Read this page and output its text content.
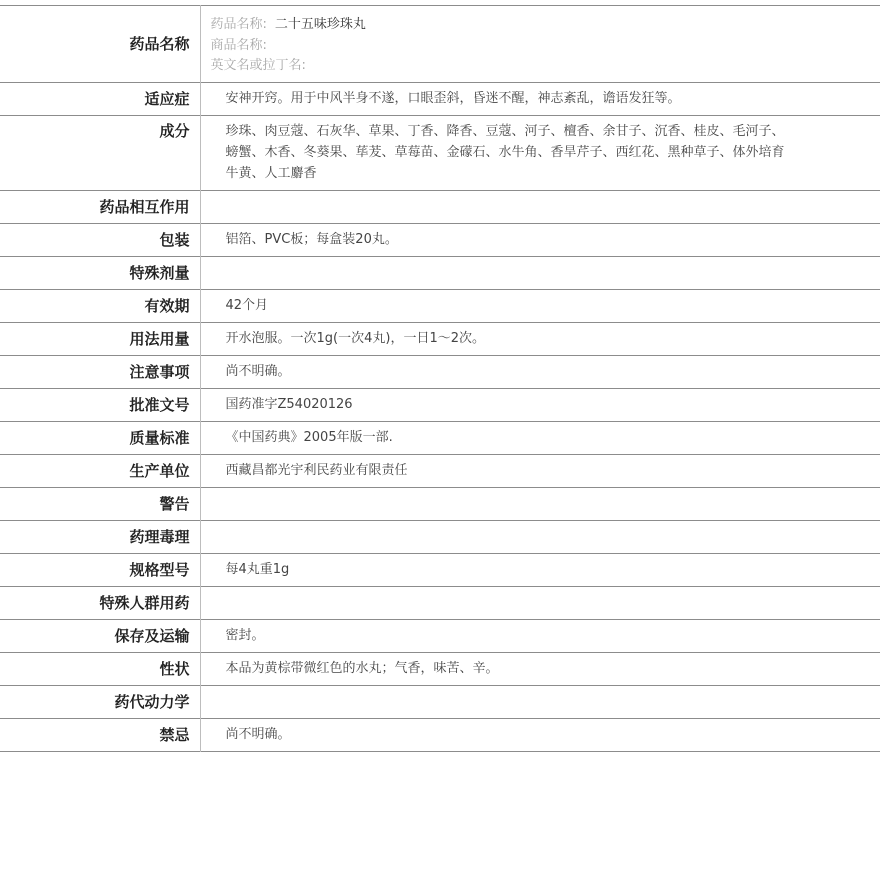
药品名称	药品名称: 二十五味珍珠丸
商品名称:
英文名或拉丁名:

适应症	安神开窍。用于中风半身不遂，口眼歪斜，昏迷不醒，神志紊乱，谵语发狂等。
成分	珍珠、肉豆蔻、石灰华、草果、丁香、降香、豆蔻、河子、檀香、余甘子、沉香、桂皮、毛河子、螃蟹、木香、冬葵果、荜茇、草莓苗、金礞石、水牛角、香旱芹子、西红花、黑种草子、体外培育牛黄、人工麝香
药品相互作用	
包装	铝箔、PVC板；每盒装20丸。
特殊剂量	
有效期	42个月
用法用量	开水泡服。一次1g(一次4丸)，一日1～2次。
注意事项	尚不明确。
批准文号	国药准字Z54020126
质量标准	《中国药典》2005年版一部.
生产单位	西藏昌都光宇利民药业有限责任
警告	
药理毒理	
规格型号	每4丸重1g
特殊人群用药	
保存及运输	密封。
性状	本品为黄棕带微红色的水丸；气香，味苦、辛。
药代动力学	
禁忌	尚不明确。
